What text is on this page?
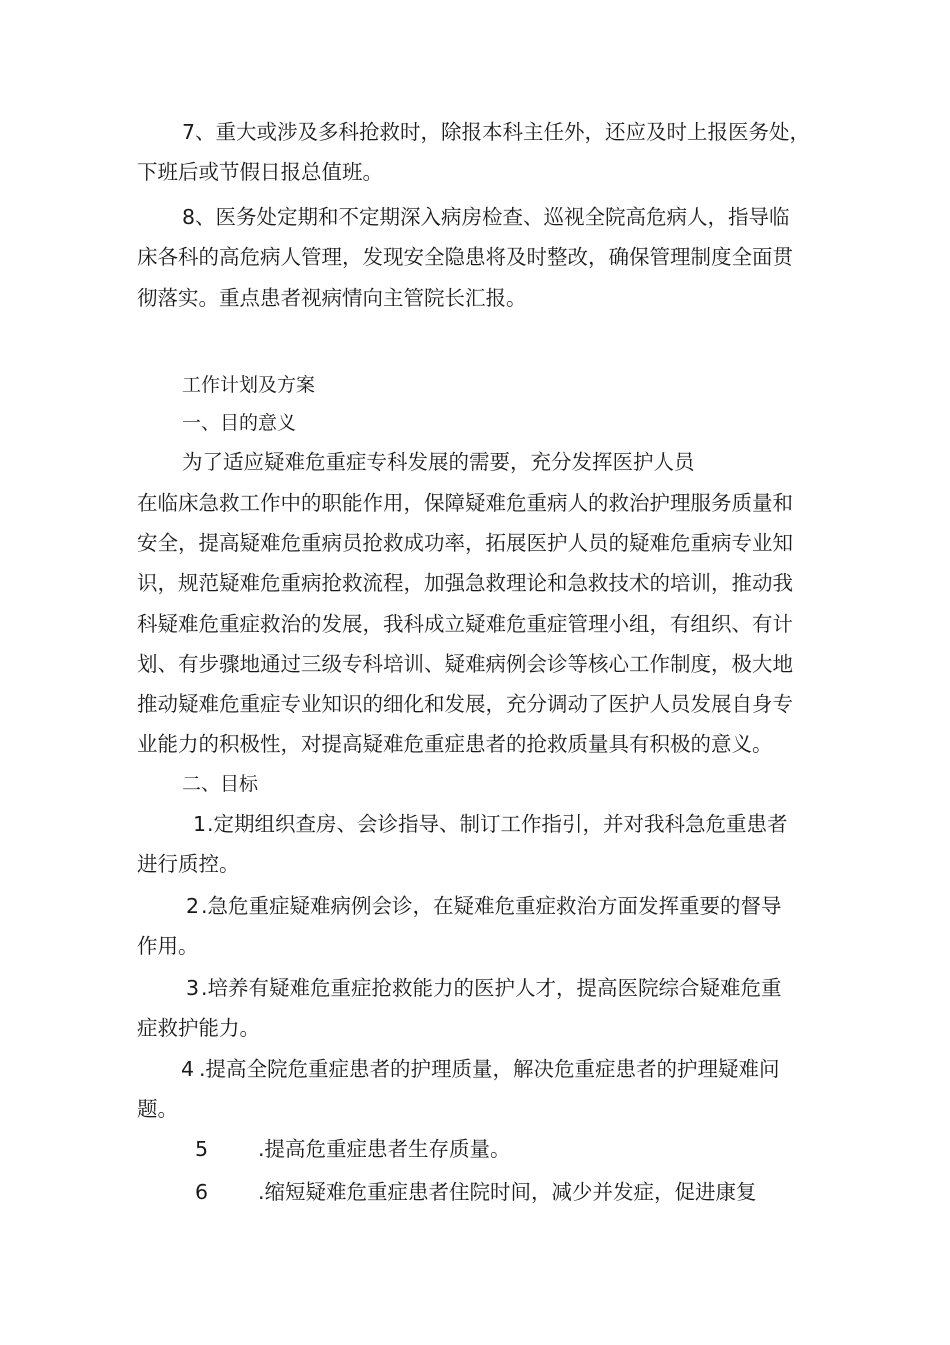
7、重大或涉及多科抢救时，除报本科主任外，还应及时上报医务处，
下班后或节假日报总值班。
8、医务处定期和不定期深入病房检查、巡视全院高危病人，指导临
床各科的高危病人管理，发现安全隐患将及时整改，确保管理制度全面贯
彻落实。重点患者视病情向主管院长汇报。
工作计划及方案
一、目的意义
为了适应疑难危重症专科发展的需要，充分发挥医护人员
在临床急救工作中的职能作用，保障疑难危重病人的救治护理服务质量和
安全，提高疑难危重病员抢救成功率，拓展医护人员的疑难危重病专业知
识，规范疑难危重病抢救流程，加强急救理论和急救技术的培训，推动我
科疑难危重症救治的发展，我科成立疑难危重症管理小组，有组织、有计
划、有步骤地通过三级专科培训、疑难病例会诊等核心工作制度，极大地
推动疑难危重症专业知识的细化和发展，充分调动了医护人员发展自身专
业能力的积极性，对提高疑难危重症患者的抢救质量具有积极的意义。
二、目标
1 .定期组织查房、会诊指导、制订工作指引，并对我科急危重患者
进行质控。
2 .急危重症疑难病例会诊，在疑难危重症救治方面发挥重要的督导
作用。
3 .培养有疑难危重症抢救能力的医护人才，提高医院综合疑难危重
症救护能力。
4 .提高全院危重症患者的护理质量，解决危重症患者的护理疑难问
题。
5 .提高危重症患者生存质量。
6 .缩短疑难危重症患者住院时间，减少并发症，促进康复
